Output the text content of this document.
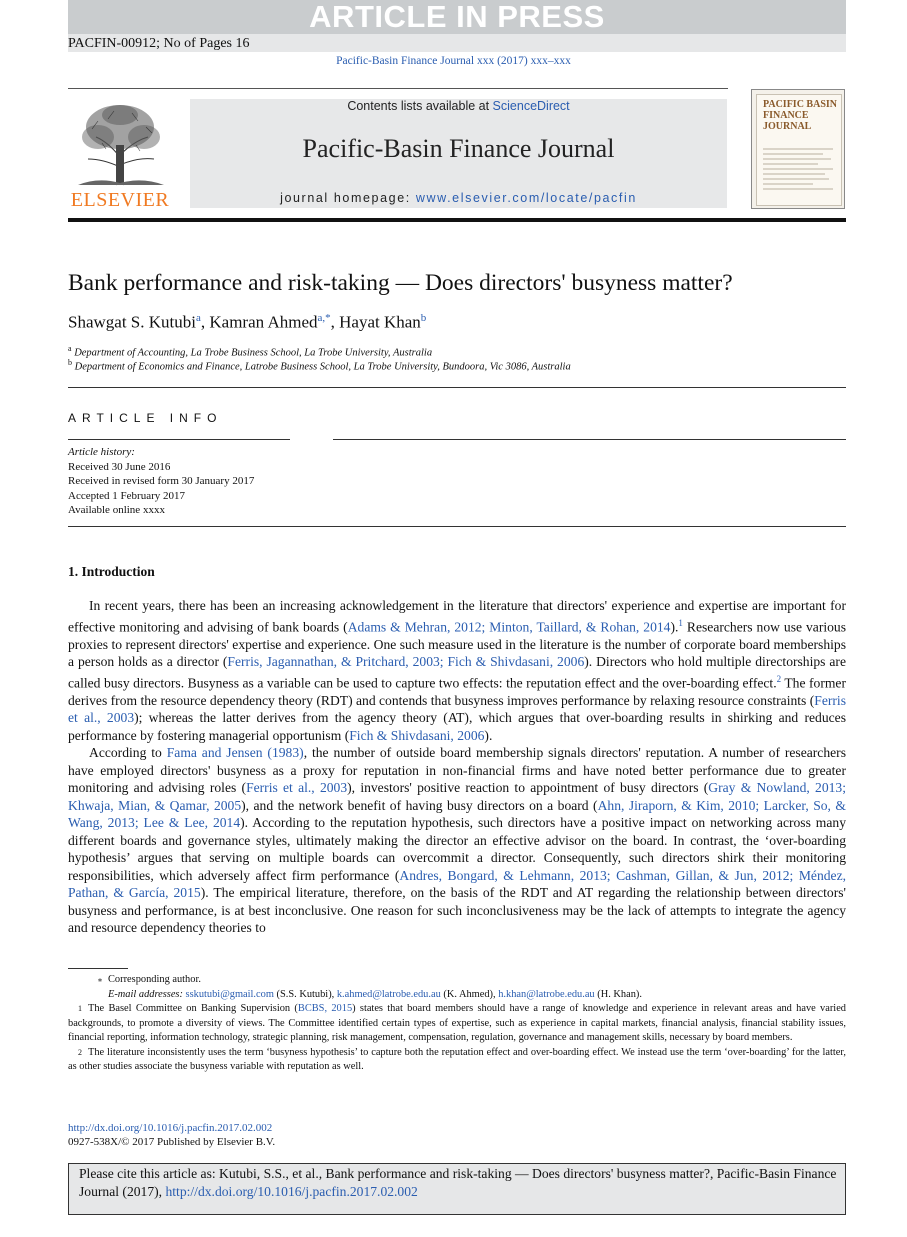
ARTICLE IN PRESS
PACFIN-00912; No of Pages 16
Pacific-Basin Finance Journal xxx (2017) xxx–xxx
ELSEVIER
Contents lists available at ScienceDirect
Pacific-Basin Finance Journal
journal homepage: www.elsevier.com/locate/pacfin
PACIFIC BASIN FINANCE JOURNAL
Bank performance and risk-taking — Does directors' busyness matter?
Shawgat S. Kutubi$^a$, Kamran Ahmed$^{a,*}$, Hayat Khan$^b$
$^a$ Department of Accounting, La Trobe Business School, La Trobe University, Australia
$^b$ Department of Economics and Finance, Latrobe Business School, La Trobe University, Bundoora, Vic 3086, Australia
ARTICLE INFO
Article history:
Received 30 June 2016
Received in revised form 30 January 2017
Accepted 1 February 2017
Available online xxxx
1. Introduction

In recent years, there has been an increasing acknowledgement in the literature that directors' experience and expertise are important for effective monitoring and advising of bank boards (Adams & Mehran, 2012; Minton, Taillard, & Rohan, 2014).$^1$ Researchers now use various proxies to represent directors' expertise and experience. One such measure used in the literature is the number of corporate board memberships a person holds as a director (Ferris, Jagannathan, & Pritchard, 2003; Fich & Shivdasani, 2006). Directors who hold multiple directorships are called busy directors. Busyness as a variable can be used to capture two effects: the reputation effect and the over-boarding effect.$^2$ The former derives from the resource dependency theory (RDT) and contends that busyness improves performance by relaxing resource constraints (Ferris et al., 2003); whereas the latter derives from the agency theory (AT), which argues that over-boarding results in shirking and reduces performance by fostering managerial opportunism (Fich & Shivdasani, 2006).

According to Fama and Jensen (1983), the number of outside board membership signals directors' reputation. A number of researchers have employed directors' busyness as a proxy for reputation in non-financial firms and have noted better performance due to greater monitoring and advising roles (Ferris et al., 2003), investors' positive reaction to appointment of busy directors (Gray & Nowland, 2013; Khwaja, Mian, & Qamar, 2005), and the network benefit of having busy directors on a board (Ahn, Jiraporn, & Kim, 2010; Larcker, So, & Wang, 2013; Lee & Lee, 2014). According to the reputation hypothesis, such directors have a positive impact on networking across many different boards and governance styles, ultimately making the director an effective advisor on the board. In contrast, the ‘over-boarding hypothesis’ argues that serving on multiple boards can overcommit a director. Consequently, such directors shirk their monitoring responsibilities, which adversely affect firm performance (Andres, Bongard, & Lehmann, 2013; Cashman, Gillan, & Jun, 2012; Méndez, Pathan, & García, 2015). The empirical literature, therefore, on the basis of the RDT and AT regarding the relationship between directors' busyness and performance, is at best inconclusive. One reason for such inconclusiveness may be the lack of attempts to integrate the agency and resource dependency theories to

⁎ Corresponding author.

E-mail addresses: sskutubi@gmail.com (S.S. Kutubi), k.ahmed@latrobe.edu.au (K. Ahmed), h.khan@latrobe.edu.au (H. Khan).

1 The Basel Committee on Banking Supervision (BCBS, 2015) states that board members should have a range of knowledge and experience in relevant areas and have varied backgrounds, to promote a diversity of views. The Committee identified certain types of expertise, such as experience in capital markets, financial analysis, financial stability issues, financial reporting, information technology, strategic planning, risk management, compensation, regulation, governance and management skills, necessary by board members.

2 The literature inconsistently uses the term ‘busyness hypothesis’ to capture both the reputation effect and over-boarding effect. We instead use the term ‘over-boarding’ for the latter, as other studies associate the busyness variable with reputation as well.

http://dx.doi.org/10.1016/j.pacfin.2017.02.002
0927-538X/© 2017 Published by Elsevier B.V.
Please cite this article as: Kutubi, S.S., et al., Bank performance and risk-taking — Does directors' busyness matter?, Pacific-Basin Finance Journal (2017), http://dx.doi.org/10.1016/j.pacfin.2017.02.002
